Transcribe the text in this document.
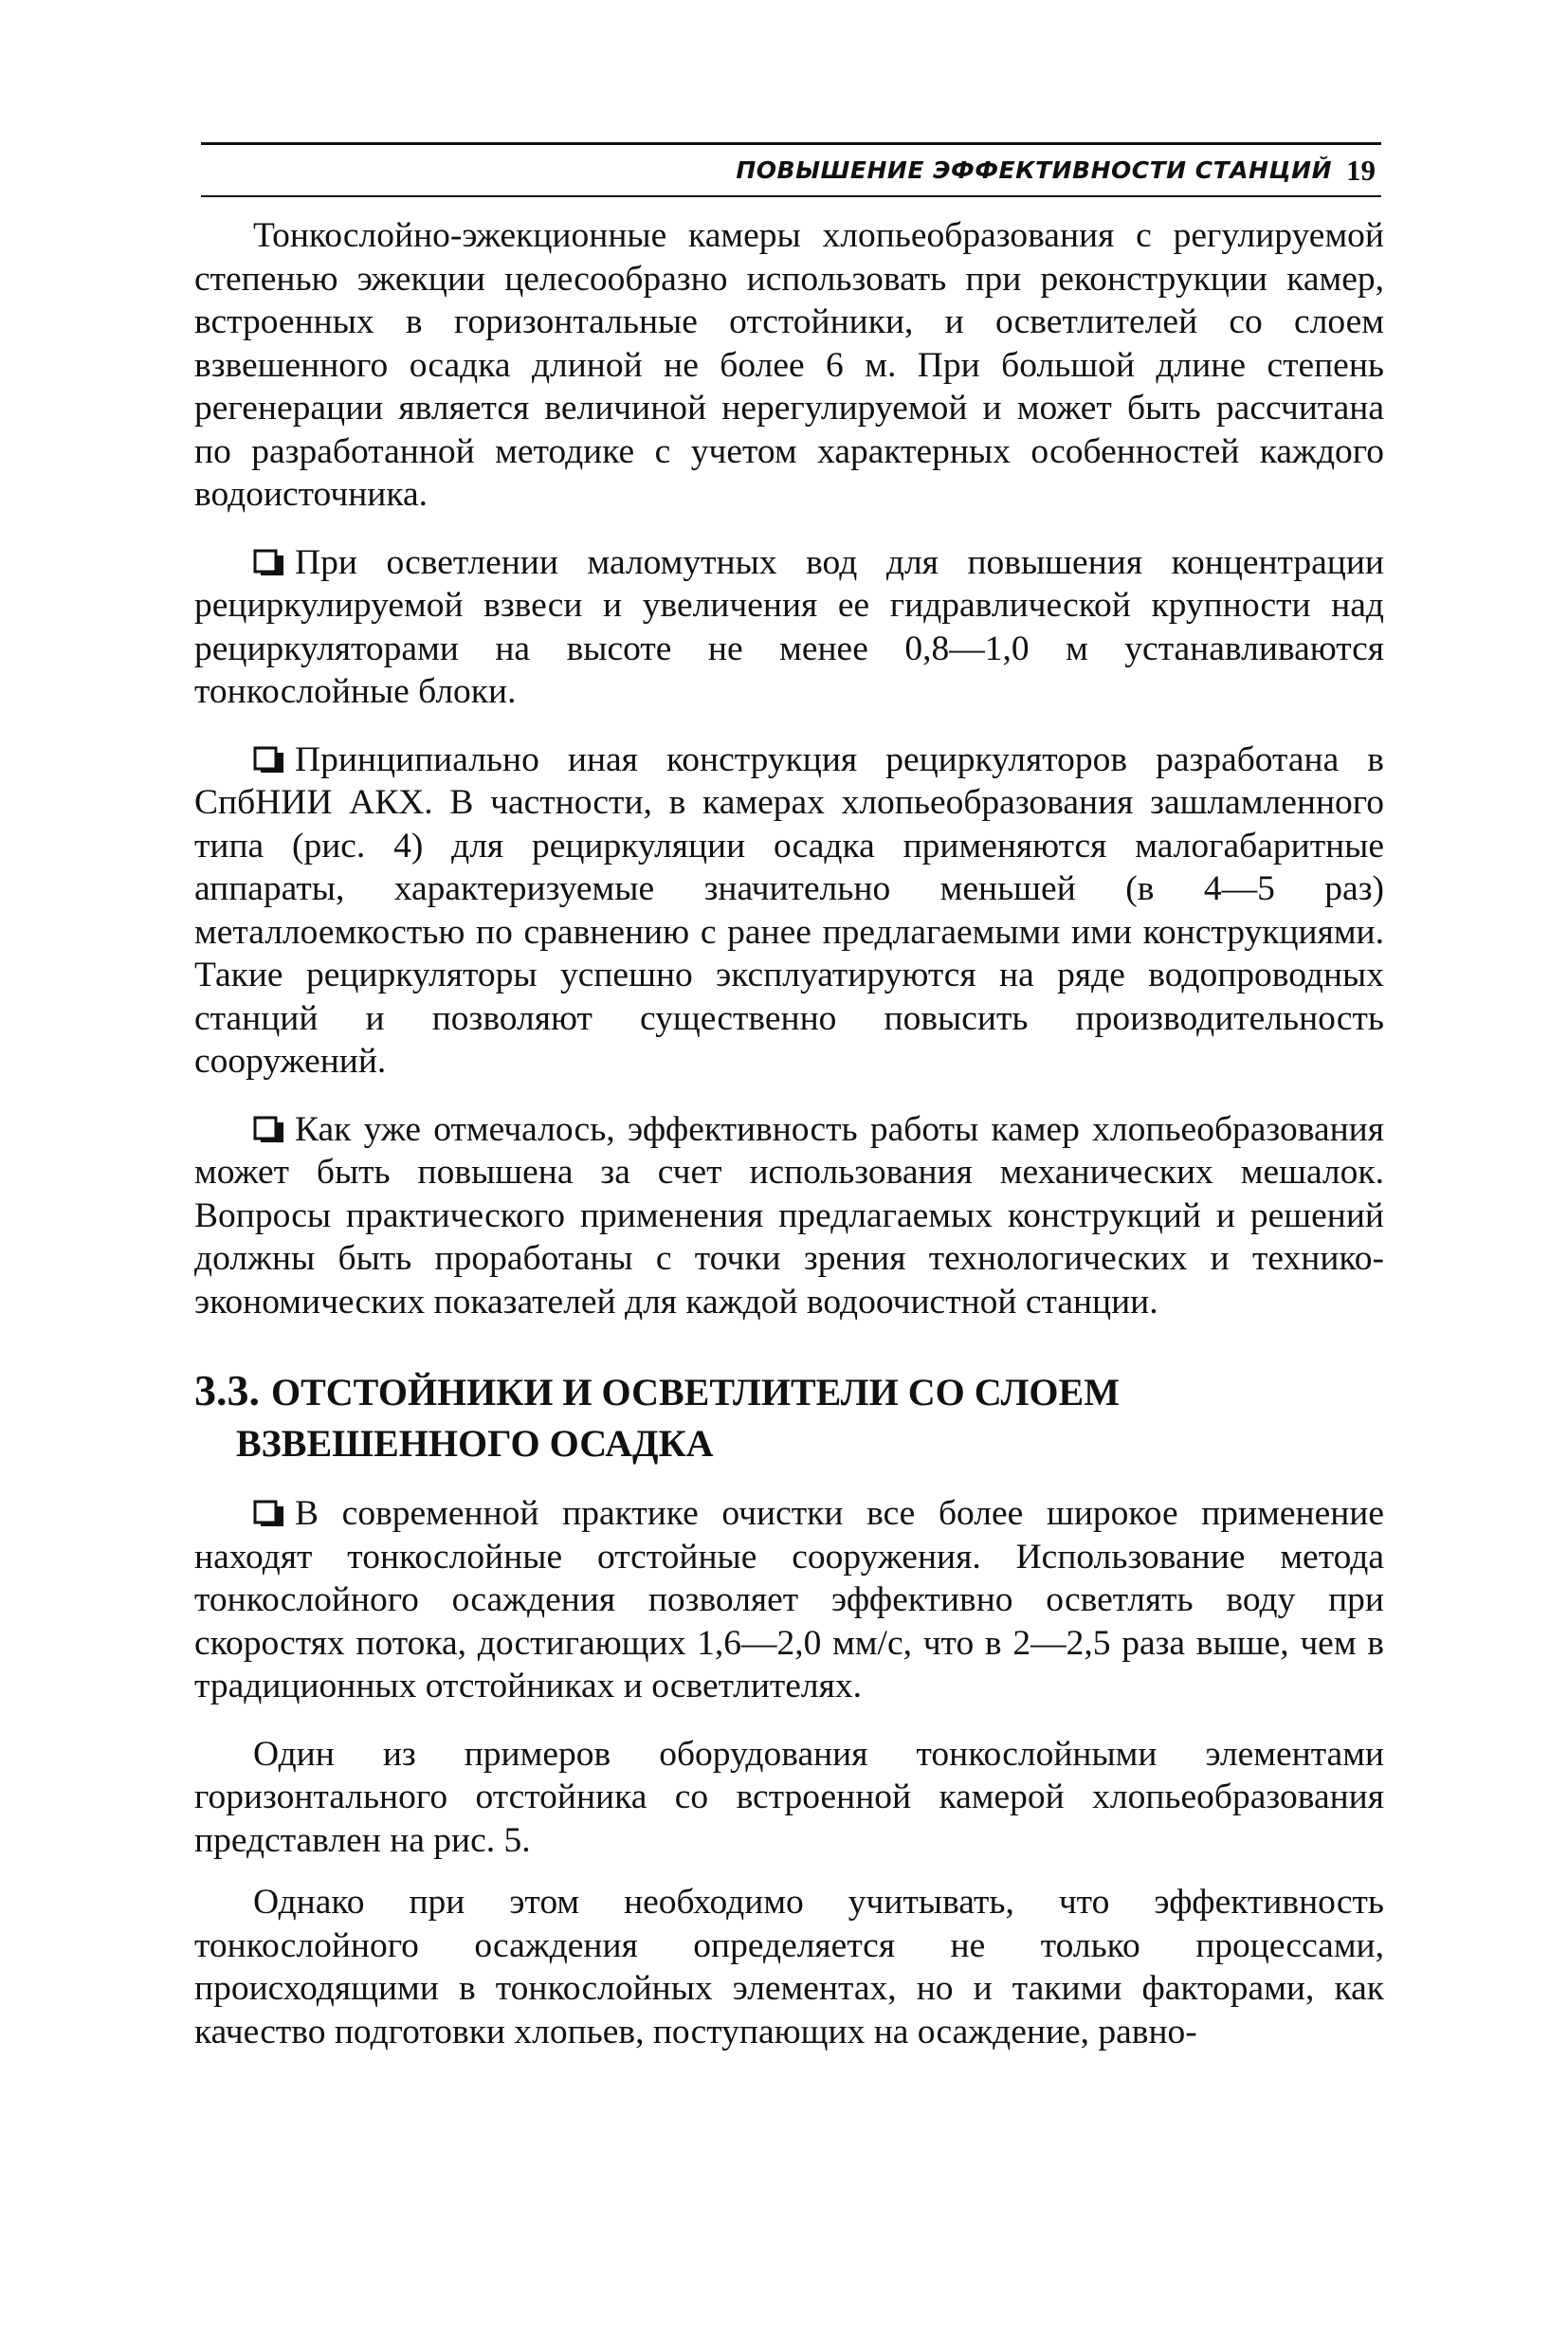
ПОВЫШЕНИЕ ЭФФЕКТИВНОСТИ СТАНЦИЙ 19

Тонкослойно-эжекционные камеры хлопьеобразования с регулируемой степенью эжекции целесообразно использовать при реконструкции камер, встроенных в горизонтальные отстойники, и осветлителей со слоем взвешенного осадка длиной не более 6 м. При большой длине степень регенерации является величиной нерегулируемой и может быть рассчитана по разработанной методике с учетом характерных особенностей каждого водоисточника.

При осветлении маломутных вод для повышения концентрации рециркулируемой взвеси и увеличения ее гидравлической крупности над рециркуляторами на высоте не менее 0,8—1,0 м устанавливаются тонкослойные блоки.

Принципиально иная конструкция рециркуляторов разработана в СпбНИИ АКХ. В частности, в камерах хлопьеобразования зашламленного типа (рис. 4) для рециркуляции осадка применяются малогабаритные аппараты, характеризуемые значительно меньшей (в 4—5 раз) металлоемкостью по сравнению с ранее предлагаемыми ими конструкциями. Такие рециркуляторы успешно эксплуатируются на ряде водопроводных станций и позволяют существенно повысить производительность сооружений.

Как уже отмечалось, эффективность работы камер хлопьеобразования может быть повышена за счет использования механических мешалок. Вопросы практического применения предлагаемых конструкций и решений должны быть проработаны с точки зрения технологических и технико-экономических показателей для каждой водоочистной станции.

3.3. ОТСТОЙНИКИ И ОСВЕТЛИТЕЛИ СО СЛОЕМ
ВЗВЕШЕННОГО ОСАДКА

В современной практике очистки все более широкое применение находят тонкослойные отстойные сооружения. Использование метода тонкослойного осаждения позволяет эффективно осветлять воду при скоростях потока, достигающих 1,6—2,0 мм/с, что в 2—2,5 раза выше, чем в традиционных отстойниках и осветлителях.

Один из примеров оборудования тонкослойными элементами горизонтального отстойника со встроенной камерой хлопьеобразования представлен на рис. 5.

Однако при этом необходимо учитывать, что эффективность тонкослойного осаждения определяется не только процессами, происходящими в тонкослойных элементах, но и такими факторами, как качество подготовки хлопьев, поступающих на осаждение, равно-
